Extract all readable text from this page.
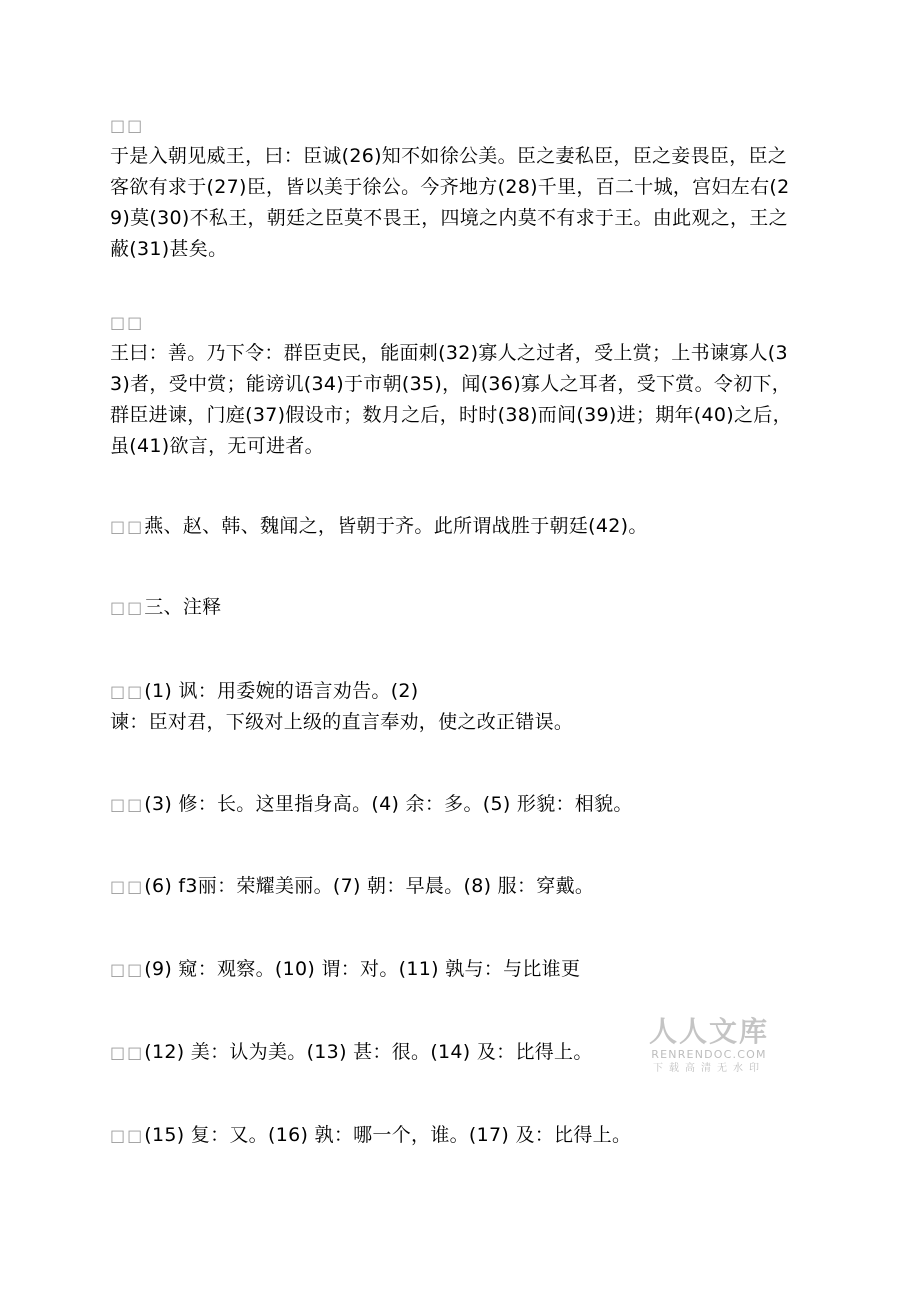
□□
于是入朝见威王，曰：臣诚(26)知不如徐公美。臣之妻私臣，臣之妾畏臣，臣之
客欲有求于(27)臣，皆以美于徐公。今齐地方(28)千里，百二十城，宫妇左右(2
9)莫(30)不私王，朝廷之臣莫不畏王，四境之内莫不有求于王。由此观之，王之
蔽(31)甚矣。
□□
王曰：善。乃下令：群臣吏民，能面刺(32)寡人之过者，受上赏；上书谏寡人(3
3)者，受中赏；能谤讥(34)于市朝(35)，闻(36)寡人之耳者，受下赏。令初下，
群臣进谏，门庭(37)假设市；数月之后，时时(38)而间(39)进；期年(40)之后，
虽(41)欲言，无可进者。
□□燕、赵、韩、魏闻之，皆朝于齐。此所谓战胜于朝廷(42)。
□□三、注释
□□(1) 讽：用委婉的语言劝告。(2)
谏：臣对君，下级对上级的直言奉劝，使之改正错误。
□□(3) 修：长。这里指身高。(4) 余：多。(5) 形貌：相貌。
□□(6) f3丽：荣耀美丽。(7) 朝：早晨。(8) 服：穿戴。
□□(9) 窥：观察。(10) 谓：对。(11) 孰与：与比谁更
□□(12) 美：认为美。(13) 甚：很。(14) 及：比得上。
□□(15) 复：又。(16) 孰：哪一个，谁。(17) 及：比得上。
人人文库
RENRENDOC.COM
下载高清无水印
